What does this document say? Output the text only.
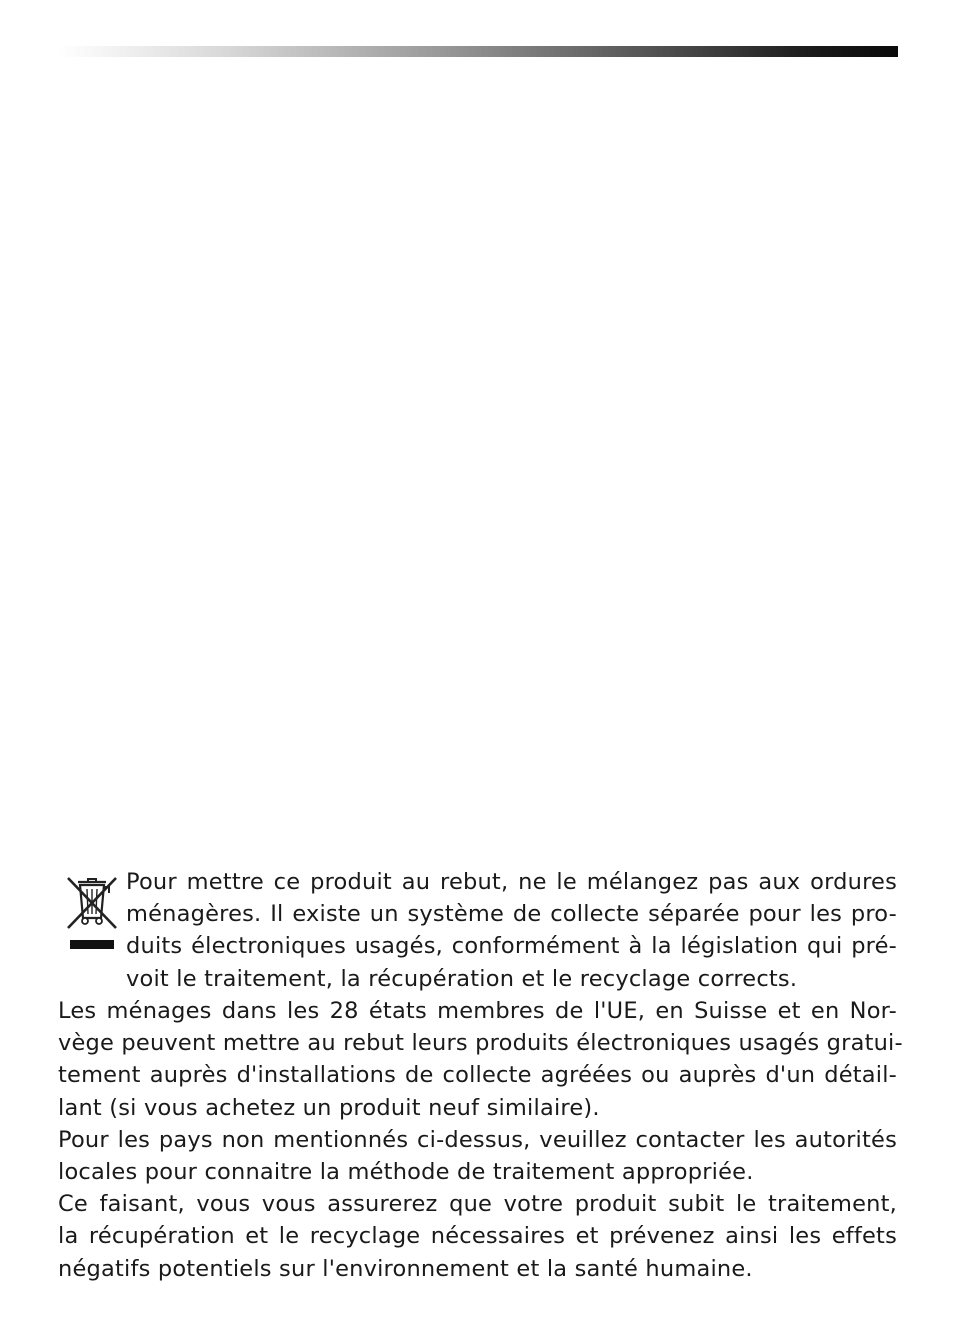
Pour mettre ce produit au rebut, ne le mélangez pas aux ordures
ménagères. Il existe un système de collecte séparée pour les pro-
duits électroniques usagés, conformément à la législation qui pré-
voit le traitement, la récupération et le recyclage corrects.
Les ménages dans les 28 états membres de l'UE, en Suisse et en Nor-
vège peuvent mettre au rebut leurs produits électroniques usagés gratui-
tement auprès d'installations de collecte agréées ou auprès d'un détail-
lant (si vous achetez un produit neuf similaire).
Pour les pays non mentionnés ci-dessus, veuillez contacter les autorités
locales pour connaitre la méthode de traitement appropriée.
Ce faisant, vous vous assurerez que votre produit subit le traitement,
la récupération et le recyclage nécessaires et prévenez ainsi les effets
négatifs potentiels sur l'environnement et la santé humaine.
